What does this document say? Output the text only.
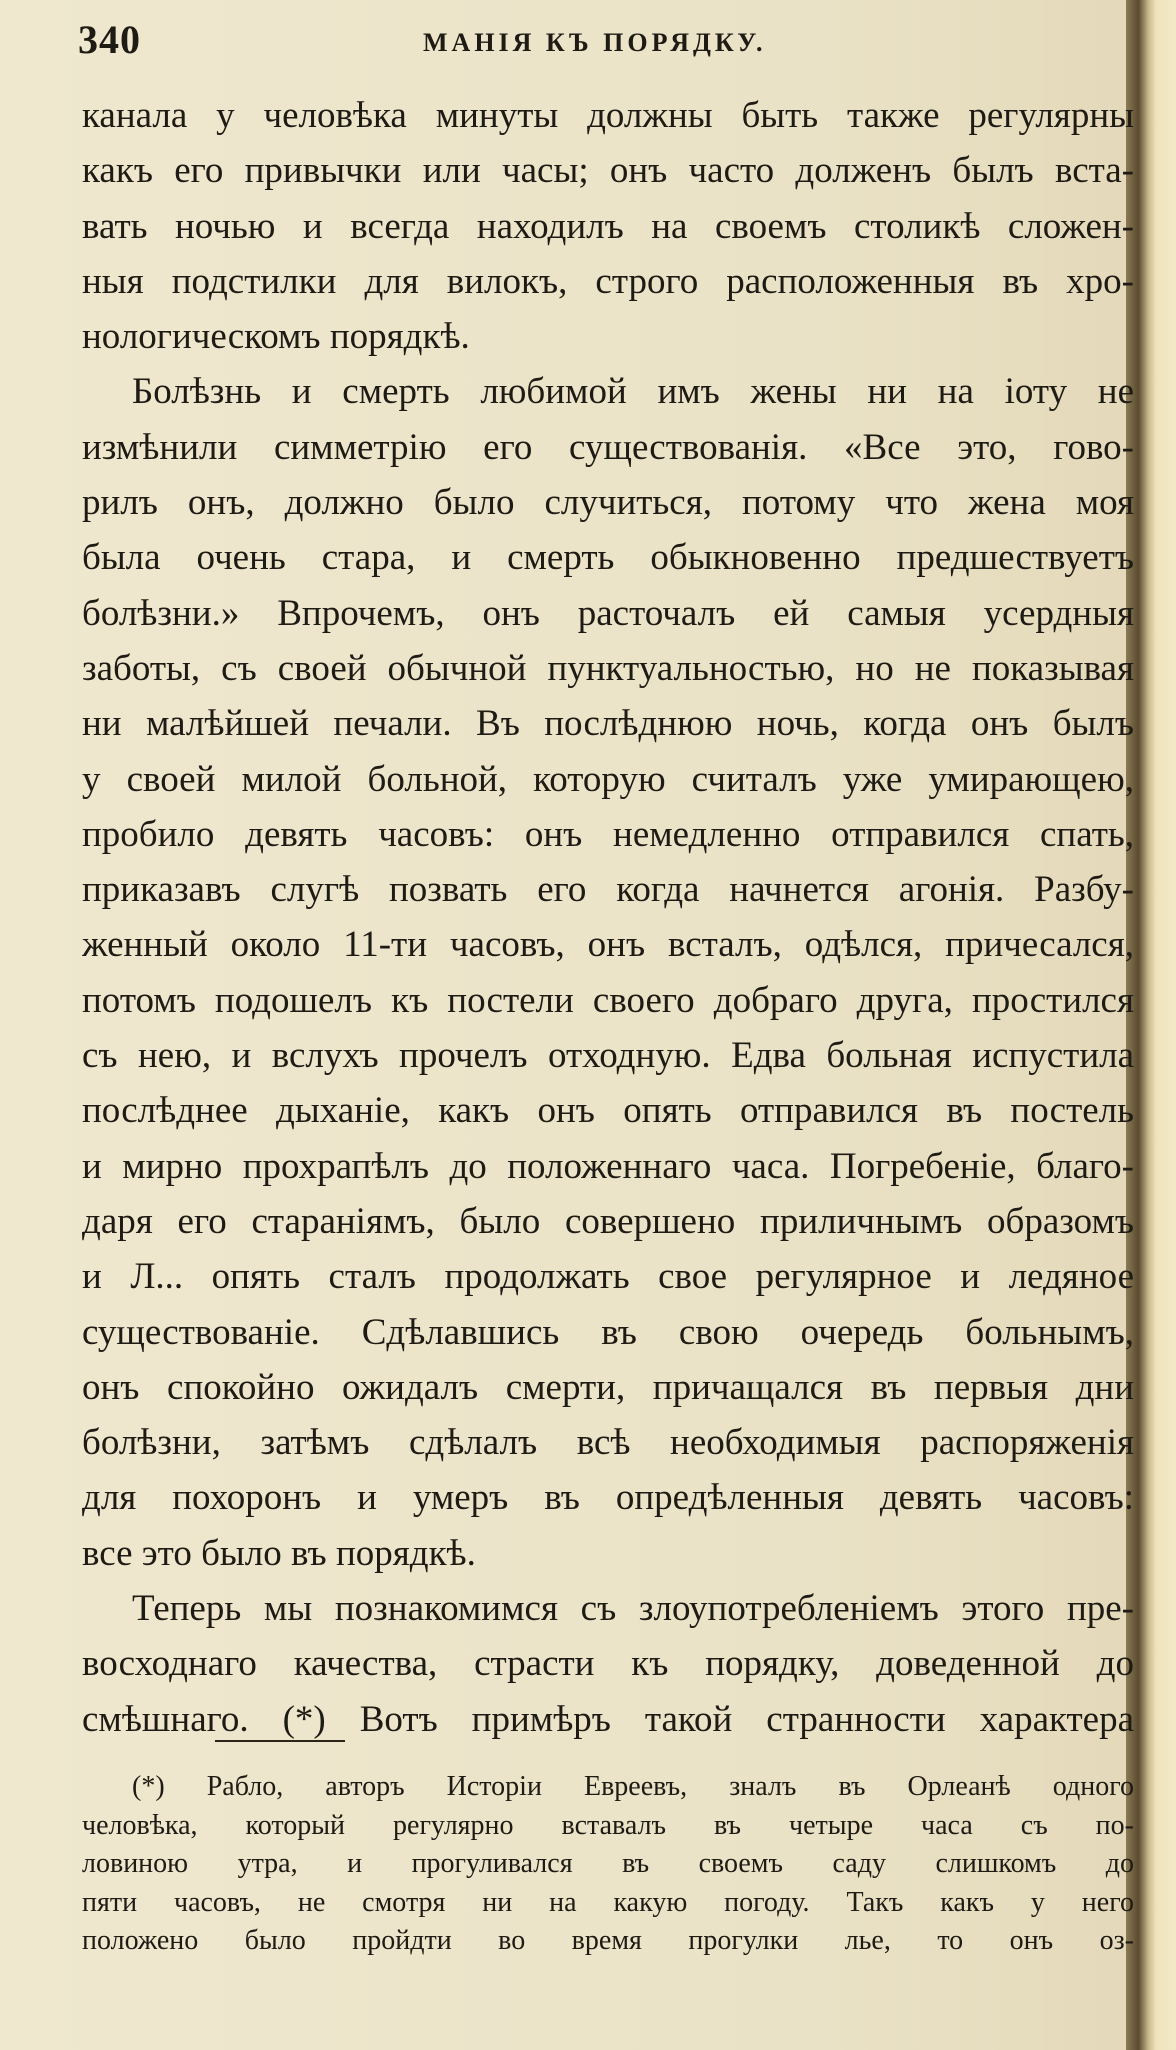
340	МАНІЯ КЪ ПОРЯДКУ.
канала у человѣка минуты должны быть также регулярны
какъ его привычки или часы; онъ часто долженъ былъ вста-
вать ночью и всегда находилъ на своемъ столикѣ сложен-
ныя подстилки для вилокъ, строго расположенныя въ хро-
нологическомъ порядкѣ.
Болѣзнь и смерть любимой имъ жены ни на іоту не
измѣнили симметрію его существованія. «Все это, гово-
рилъ онъ, должно было случиться, потому что жена моя
была очень стара, и смерть обыкновенно предшествуетъ
болѣзни.» Впрочемъ, онъ расточалъ ей самыя усердныя
заботы, съ своей обычной пунктуальностью, но не показывая
ни малѣйшей печали. Въ послѣднюю ночь, когда онъ былъ
у своей милой больной, которую считалъ уже умирающею,
пробило девять часовъ: онъ немедленно отправился спать,
приказавъ слугѣ позвать его когда начнется агонія. Разбу-
женный около 11-ти часовъ, онъ всталъ, одѣлся, причесался,
потомъ подошелъ къ постели своего добраго друга, простился
съ нею, и вслухъ прочелъ отходную. Едва больная испустила
послѣднее дыханіе, какъ онъ опять отправился въ постель
и мирно прохрапѣлъ до положеннаго часа. Погребеніе, благо-
даря его стараніямъ, было совершено приличнымъ образомъ
и Л... опять сталъ продолжать свое регулярное и ледяное
существованіе. Сдѣлавшись въ свою очередь больнымъ,
онъ спокойно ожидалъ смерти, причащался въ первыя дни
болѣзни, затѣмъ сдѣлалъ всѣ необходимыя распоряженія
для похоронъ и умеръ въ опредѣленныя девять часовъ:
все это было въ порядкѣ.
Теперь мы познакомимся съ злоупотребленіемъ этого пре-
восходнаго качества, страсти къ порядку, доведенной до
смѣшнаго. (*) Вотъ примѣръ такой странности характера
(*) Рабло, авторъ Исторіи Евреевъ, зналъ въ Орлеанѣ одного
человѣка, который регулярно вставалъ въ четыре часа съ по-
ловиною утра, и прогуливался въ своемъ саду слишкомъ до
пяти часовъ, не смотря ни на какую погоду. Такъ какъ у него
положено было пройдти во время прогулки лье, то онъ оз-
